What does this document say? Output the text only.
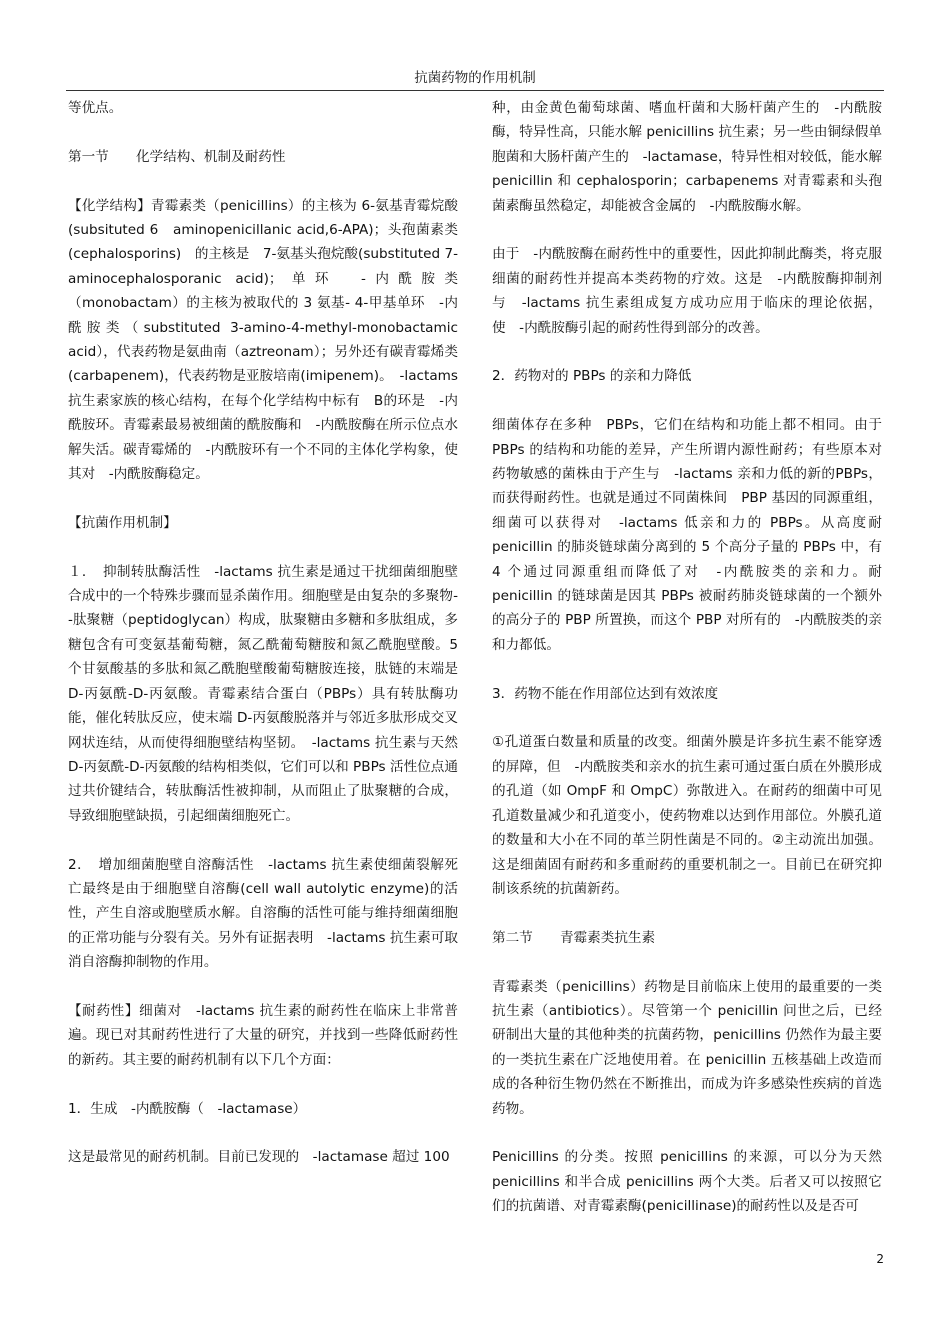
抗菌药物的作用机制

等优点。

第一节　　化学结构、机制及耐药性

【化学结构】青霉素类（penicillins）的主核为 6-氨基青霉烷酸(subsituted 6　aminopenicillanic acid,6-APA)；头孢菌素类(cephalosporins)　的主核是　7-氨基头孢烷酸(substituted 7-aminocephalosporanic acid)；单环　-内酰胺类（monobactam）的主核为被取代的 3 氨基- 4-甲基单环　-内酰胺类（substituted 3-amino-4-methyl-monobactamic acid），代表药物是氨曲南（aztreonam）；另外还有碳青霉烯类(carbapenem)，代表药物是亚胺培南(imipenem)。　-lactams 抗生素家族的核心结构，在每个化学结构中标有　B的环是　-内酰胺环。青霉素最易被细菌的酰胺酶和　-内酰胺酶在所示位点水解失活。碳青霉烯的　-内酰胺环有一个不同的主体化学构象，使其对　-内酰胺酶稳定。

【抗菌作用机制】

１．　抑制转肽酶活性　-lactams 抗生素是通过干扰细菌细胞壁合成中的一个特殊步骤而显杀菌作用。细胞壁是由复杂的多聚物--肽聚糖（peptidoglycan）构成，肽聚糖由多糖和多肽组成，多糖包含有可变氨基葡萄糖，氮乙酰葡萄糖胺和氮乙酰胞壁酸。5 个甘氨酸基的多肽和氮乙酰胞壁酸葡萄糖胺连接，肽链的末端是 D-丙氨酰-D-丙氨酸。青霉素结合蛋白（PBPs）具有转肽酶功能，催化转肽反应，使末端 D-丙氨酸脱落并与邻近多肽形成交叉网状连结，从而使得细胞壁结构坚韧。　-lactams 抗生素与天然 D-丙氨酰-D-丙氨酸的结构相类似，它们可以和 PBPs 活性位点通过共价键结合，转肽酶活性被抑制，从而阻止了肽聚糖的合成，导致细胞壁缺损，引起细菌细胞死亡。

2．　增加细菌胞壁自溶酶活性　-lactams 抗生素使细菌裂解死亡最终是由于细胞壁自溶酶(cell wall autolytic enzyme)的活性，产生自溶或胞壁质水解。自溶酶的活性可能与维持细菌细胞的正常功能与分裂有关。另外有证据表明　-lactams 抗生素可取消自溶酶抑制物的作用。

【耐药性】细菌对　-lactams 抗生素的耐药性在临床上非常普遍。现已对其耐药性进行了大量的研究，并找到一些降低耐药性的新药。其主要的耐药机制有以下几个方面：

1．生成　-内酰胺酶（　-lactamase）

这是最常见的耐药机制。目前已发现的　-lactamase 超过 100

种，由金黄色葡萄球菌、嗜血杆菌和大肠杆菌产生的　-内酰胺酶，特异性高，只能水解 penicillins 抗生素；另一些由铜绿假单胞菌和大肠杆菌产生的　-lactamase，特异性相对较低，能水解 penicillin 和 cephalosporin；carbapenems 对青霉素和头孢菌素酶虽然稳定，却能被含金属的　-内酰胺酶水解。

由于　-内酰胺酶在耐药性中的重要性，因此抑制此酶类，将克服细菌的耐药性并提高本类药物的疗效。这是　-内酰胺酶抑制剂与　-lactams 抗生素组成复方成功应用于临床的理论依据，使　-内酰胺酶引起的耐药性得到部分的改善。

2．药物对的 PBPs 的亲和力降低

细菌体存在多种　PBPs，它们在结构和功能上都不相同。由于PBPs 的结构和功能的差异，产生所谓内源性耐药；有些原本对药物敏感的菌株由于产生与　-lactams 亲和力低的新的PBPs，而获得耐药性。也就是通过不同菌株间　PBP 基因的同源重组，细菌可以获得对　-lactams 低亲和力的 PBPs。从高度耐 penicillin 的肺炎链球菌分离到的 5 个高分子量的 PBPs 中，有 4 个通过同源重组而降低了对　-内酰胺类的亲和力。耐 penicillin 的链球菌是因其 PBPs 被耐药肺炎链球菌的一个额外的高分子的 PBP 所置换，而这个 PBP 对所有的　-内酰胺类的亲和力都低。

3．药物不能在作用部位达到有效浓度

①孔道蛋白数量和质量的改变。细菌外膜是许多抗生素不能穿透的屏障，但　-内酰胺类和亲水的抗生素可通过蛋白质在外膜形成的孔道（如 OmpF 和 OmpC）弥散进入。在耐药的细菌中可见孔道数量减少和孔道变小，使药物难以达到作用部位。外膜孔道的数量和大小在不同的革兰阴性菌是不同的。②主动流出加强。这是细菌固有耐药和多重耐药的重要机制之一。目前已在研究抑制该系统的抗菌新药。

第二节　　青霉素类抗生素

青霉素类（penicillins）药物是目前临床上使用的最重要的一类抗生素（antibiotics）。尽管第一个 penicillin 问世之后，已经研制出大量的其他种类的抗菌药物，penicillins 仍然作为最主要的一类抗生素在广泛地使用着。在 penicillin 五核基础上改造而成的各种衍生物仍然在不断推出，而成为许多感染性疾病的首选药物。

Penicillins 的分类。按照 penicillins 的来源，可以分为天然 penicillins 和半合成 penicillins 两个大类。后者又可以按照它们的抗菌谱、对青霉素酶(penicillinase)的耐药性以及是否可

2
